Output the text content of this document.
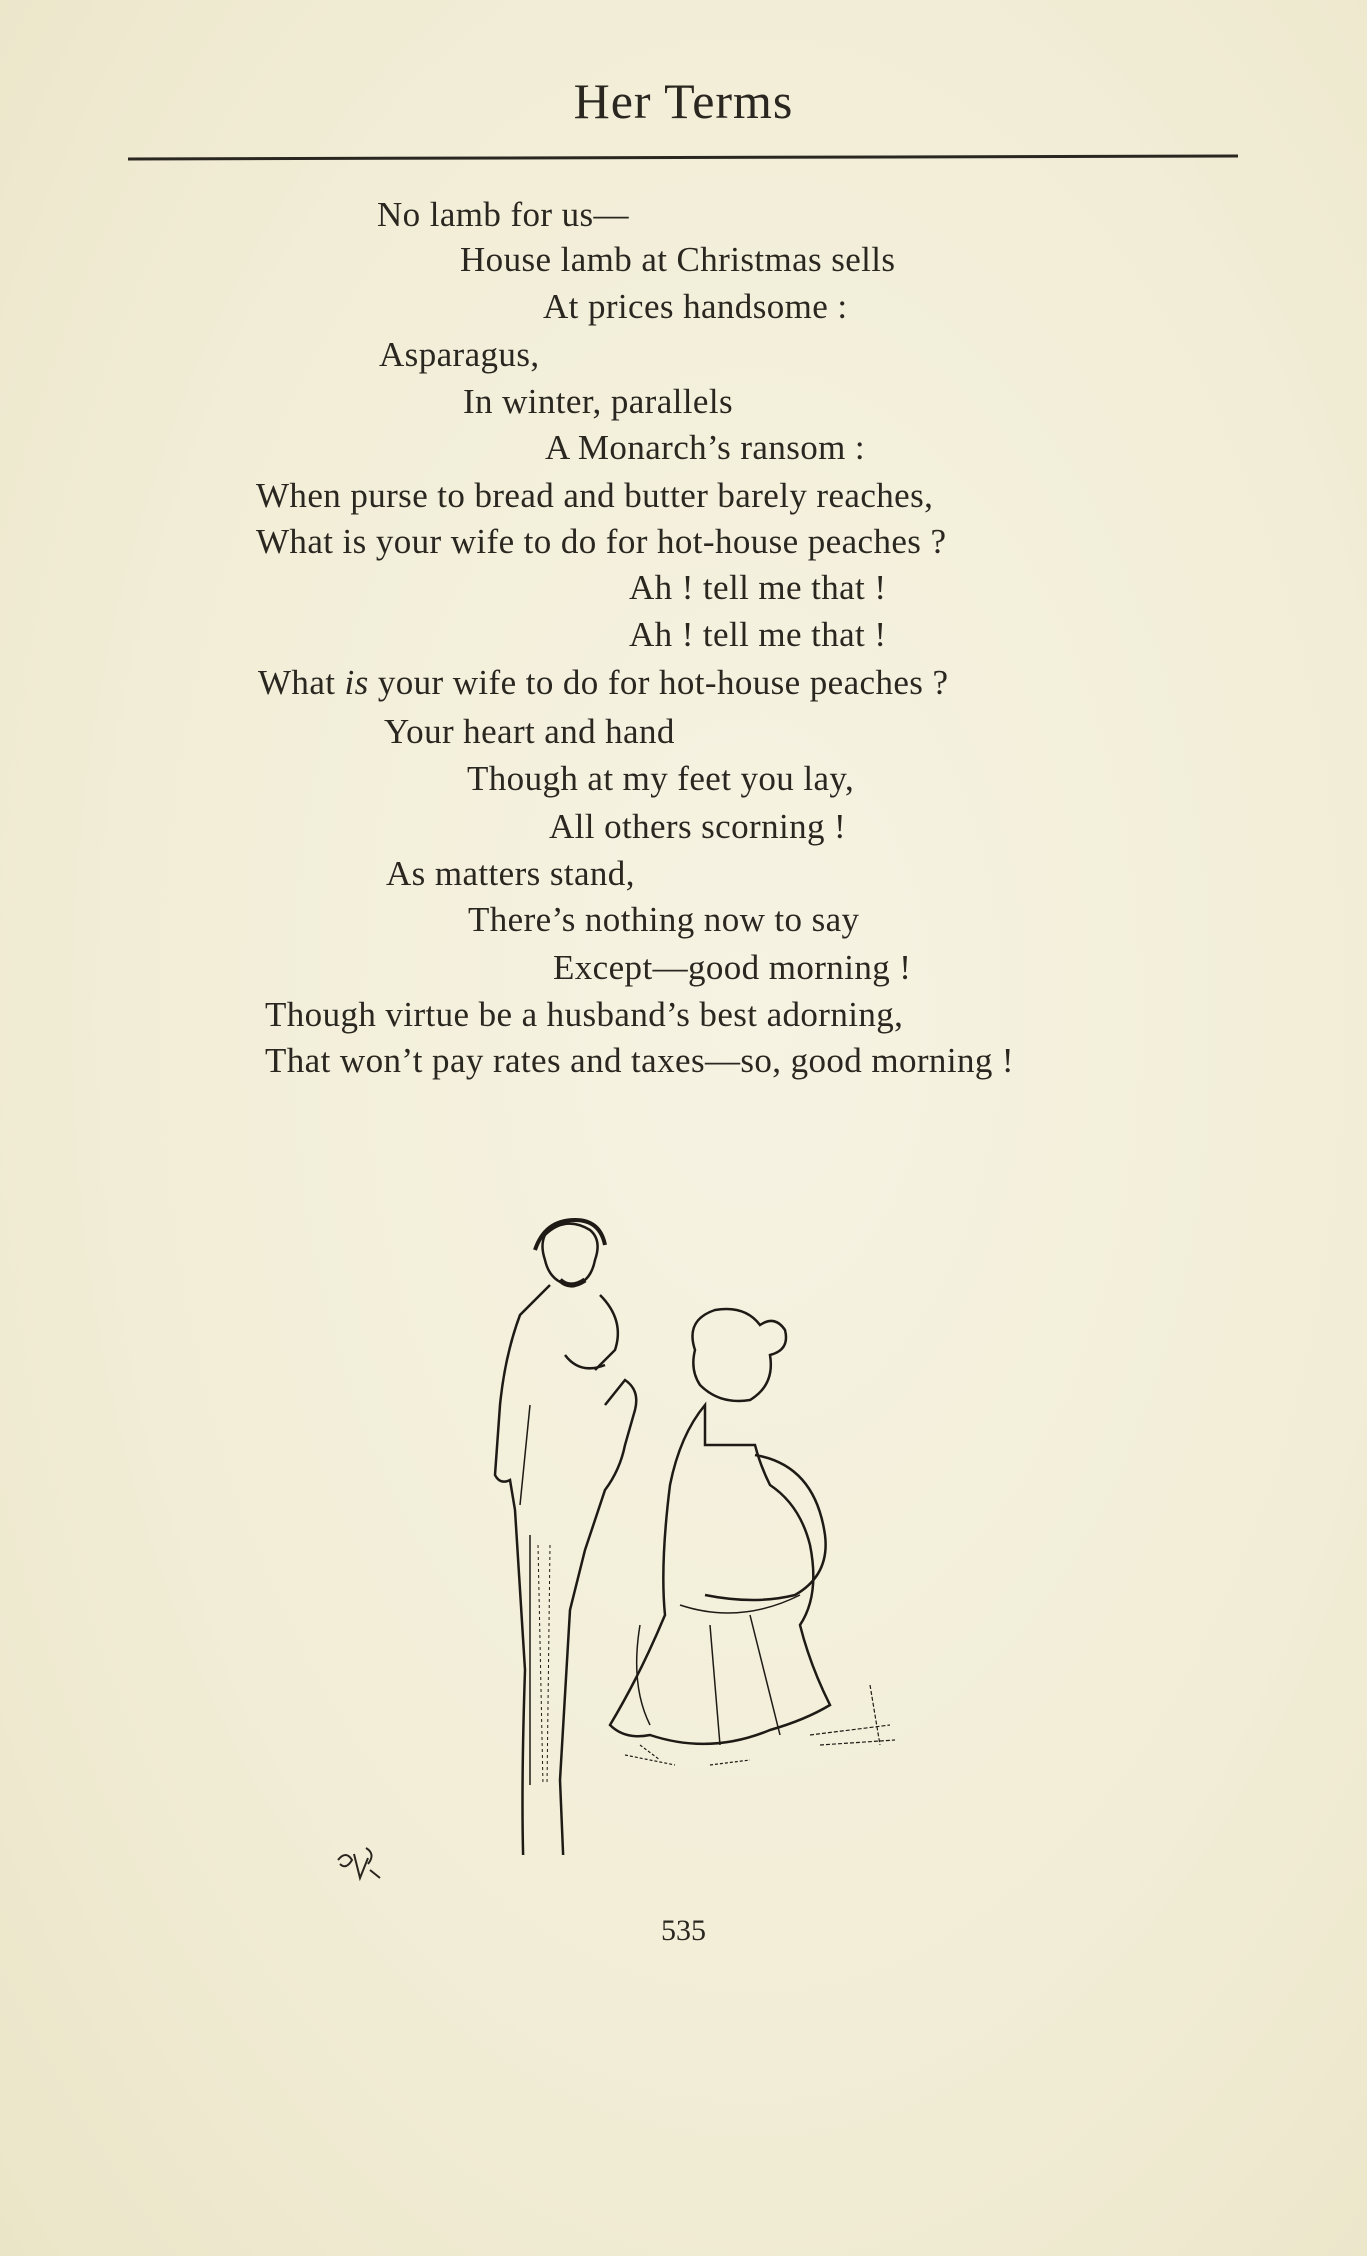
Her Terms
No lamb for us—
House lamb at Christmas sells
At prices handsome :
Asparagus,
In winter, parallels
A Monarch’s ransom :
When purse to bread and butter barely reaches,
What is your wife to do for hot-house peaches ?
Ah ! tell me that !
Ah ! tell me that !
What is your wife to do for hot-house peaches ?
Your heart and hand
Though at my feet you lay,
All others scorning !
As matters stand,
There’s nothing now to say
Except—good morning !
Though virtue be a husband’s best adorning,
That won’t pay rates and taxes—so, good morning !
535
